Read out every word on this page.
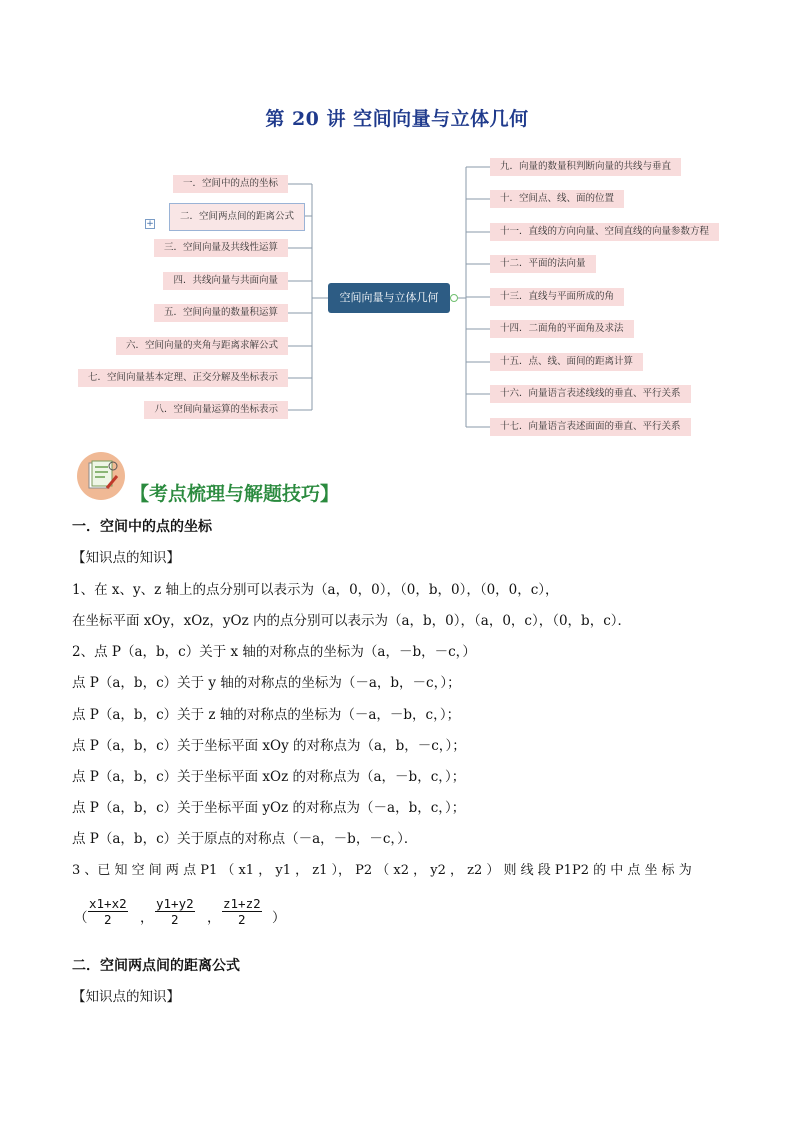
第 20 讲 空间向量与立体几何
空间向量与立体几何
一．空间中的点的坐标
二．空间两点间的距离公式
+
三．空间向量及共线性运算
四．共线向量与共面向量
五．空间向量的数量积运算
六．空间向量的夹角与距离求解公式
七．空间向量基本定理、正交分解及坐标表示
八．空间向量运算的坐标表示
九．向量的数量积判断向量的共线与垂直
十．空间点、线、面的位置
十一．直线的方向向量、空间直线的向量参数方程
十二．平面的法向量
十三．直线与平面所成的角
十四．二面角的平面角及求法
十五．点、线、面间的距离计算
十六．向量语言表述线线的垂直、平行关系
十七．向量语言表述面面的垂直、平行关系
【考点梳理与解题技巧】
一．空间中的点的坐标
【知识点的知识】
1、在 x、y、z 轴上的点分别可以表示为（a，0，0），（0，b，0），（0，0，c），
在坐标平面 xOy，xOz，yOz 内的点分别可以表示为（a，b，0），（a，0，c），（0，b，c）．
2、点 P（a，b，c）关于 x 轴的对称点的坐标为（a，－b，－c，）
点 P（a，b，c）关于 y 轴的对称点的坐标为（－a，b，－c，）；
点 P（a，b，c）关于 z 轴的对称点的坐标为（－a，－b，c，）；
点 P（a，b，c）关于坐标平面 xOy 的对称点为（a，b，－c，）；
点 P（a，b，c）关于坐标平面 xOz 的对称点为（a，－b，c，）；
点 P（a，b，c）关于坐标平面 yOz 的对称点为（－a，b，c，）；
点 P（a，b，c）关于原点的对称点（－a，－b，－c，）．
3 、已 知 空 间 两 点 P1 （ x1 ， y1 ， z1 ）， P2 （ x2 ， y2 ， z2 ） 则 线 段 P1P2 的 中 点 坐 标 为
（ $\frac{x1+x2}{2}$ ， $\frac{y1+y2}{2}$ ， $\frac{z1+z2}{2}$ ）
二．空间两点间的距离公式
【知识点的知识】
